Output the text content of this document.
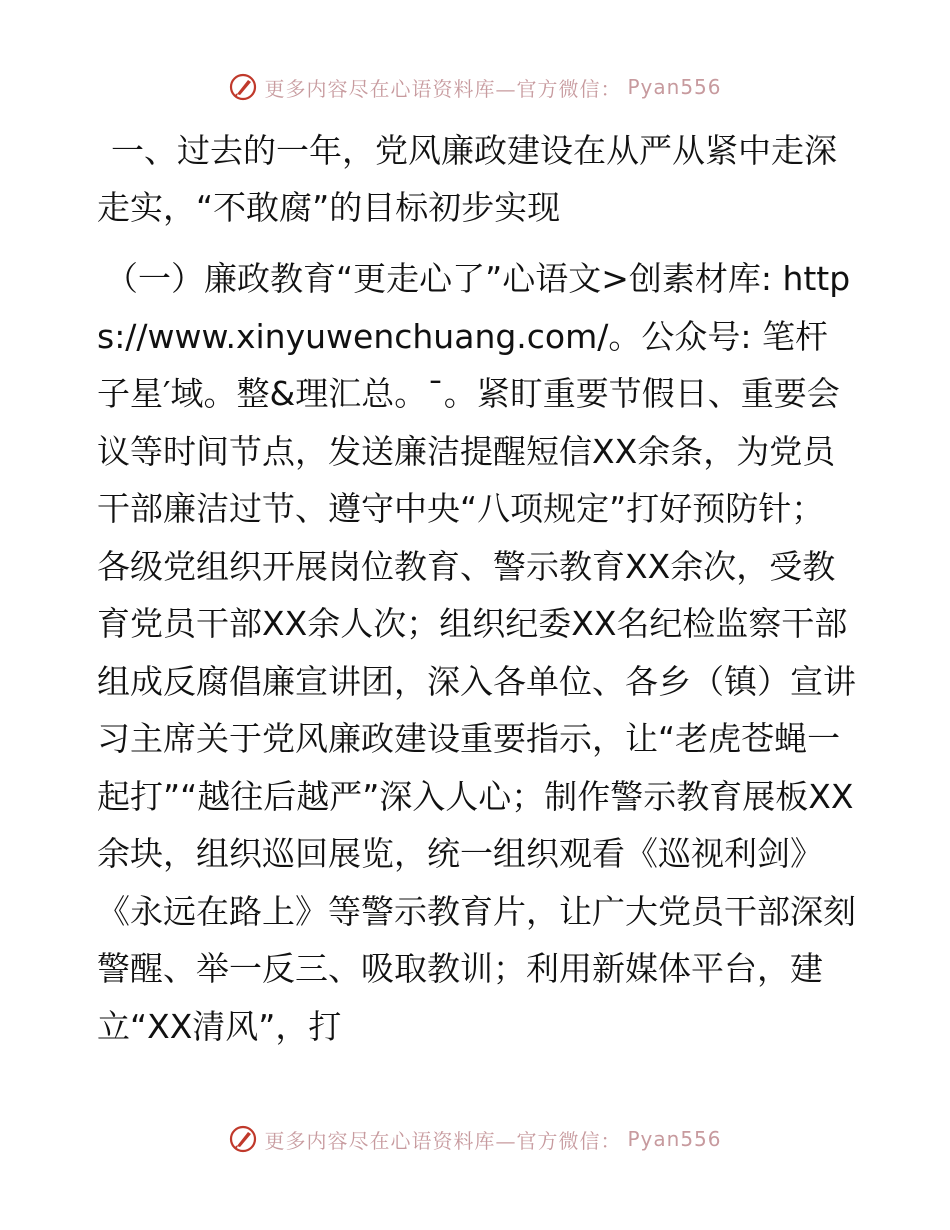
更多内容尽在心语资料库—官方微信： Pyan556
一、过去的一年，党风廉政建设在从严从紧中走深走实，“不敢腐”的目标初步实现
（一）廉政教育“更走心了”心语文>创素材库: https://www.xinyuwenchuang.com/。公众号: 笔杆子星′域。整&理汇总。¯。紧盯重要节假日、重要会议等时间节点，发送廉洁提醒短信XX余条，为党员干部廉洁过节、遵守中央“八项规定”打好预防针；各级党组织开展岗位教育、警示教育XX余次，受教育党员干部XX余人次；组织纪委XX名纪检监察干部组成反腐倡廉宣讲团，深入各单位、各乡（镇）宣讲习主席关于党风廉政建设重要指示，让“老虎苍蝇一起打”“越往后越严”深入人心；制作警示教育展板XX余块，组织巡回展览，统一组织观看《巡视利剑》《永远在路上》等警示教育片，让广大党员干部深刻警醒、举一反三、吸取教训；利用新媒体平台，建立“XX清风”，打
更多内容尽在心语资料库—官方微信： Pyan556
